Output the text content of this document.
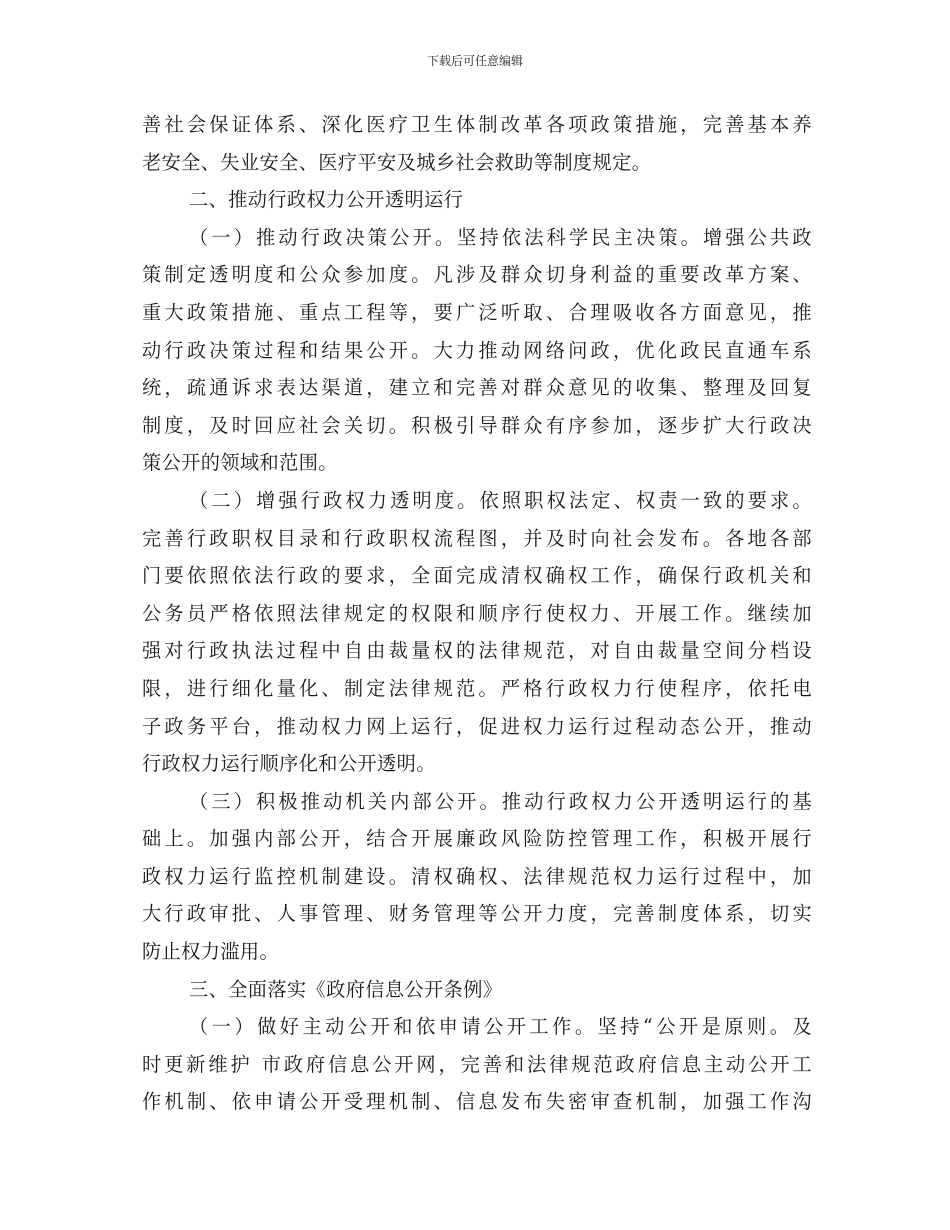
下载后可任意编辑
善社会保证体系、深化医疗卫生体制改革各项政策措施，完善基本养
老安全、失业安全、医疗平安及城乡社会救助等制度规定。
二、推动行政权力公开透明运行
（一）推动行政决策公开。坚持依法科学民主决策。增强公共政
策制定透明度和公众参加度。凡涉及群众切身利益的重要改革方案、
重大政策措施、重点工程等，要广泛听取、合理吸收各方面意见，推
动行政决策过程和结果公开。大力推动网络问政，优化政民直通车系
统，疏通诉求表达渠道，建立和完善对群众意见的收集、整理及回复
制度，及时回应社会关切。积极引导群众有序参加，逐步扩大行政决
策公开的领域和范围。
（二）增强行政权力透明度。依照职权法定、权责一致的要求。
完善行政职权目录和行政职权流程图，并及时向社会发布。各地各部
门要依照依法行政的要求，全面完成清权确权工作，确保行政机关和
公务员严格依照法律规定的权限和顺序行使权力、开展工作。继续加
强对行政执法过程中自由裁量权的法律规范，对自由裁量空间分档设
限，进行细化量化、制定法律规范。严格行政权力行使程序，依托电
子政务平台，推动权力网上运行，促进权力运行过程动态公开，推动
行政权力运行顺序化和公开透明。
（三）积极推动机关内部公开。推动行政权力公开透明运行的基
础上。加强内部公开，结合开展廉政风险防控管理工作，积极开展行
政权力运行监控机制建设。清权确权、法律规范权力运行过程中，加
大行政审批、人事管理、财务管理等公开力度，完善制度体系，切实
防止权力滥用。
三、全面落实《政府信息公开条例》
（一）做好主动公开和依申请公开工作。坚持“公开是原则。及
时更新维护 市政府信息公开网，完善和法律规范政府信息主动公开工
作机制、依申请公开受理机制、信息发布失密审查机制，加强工作沟
